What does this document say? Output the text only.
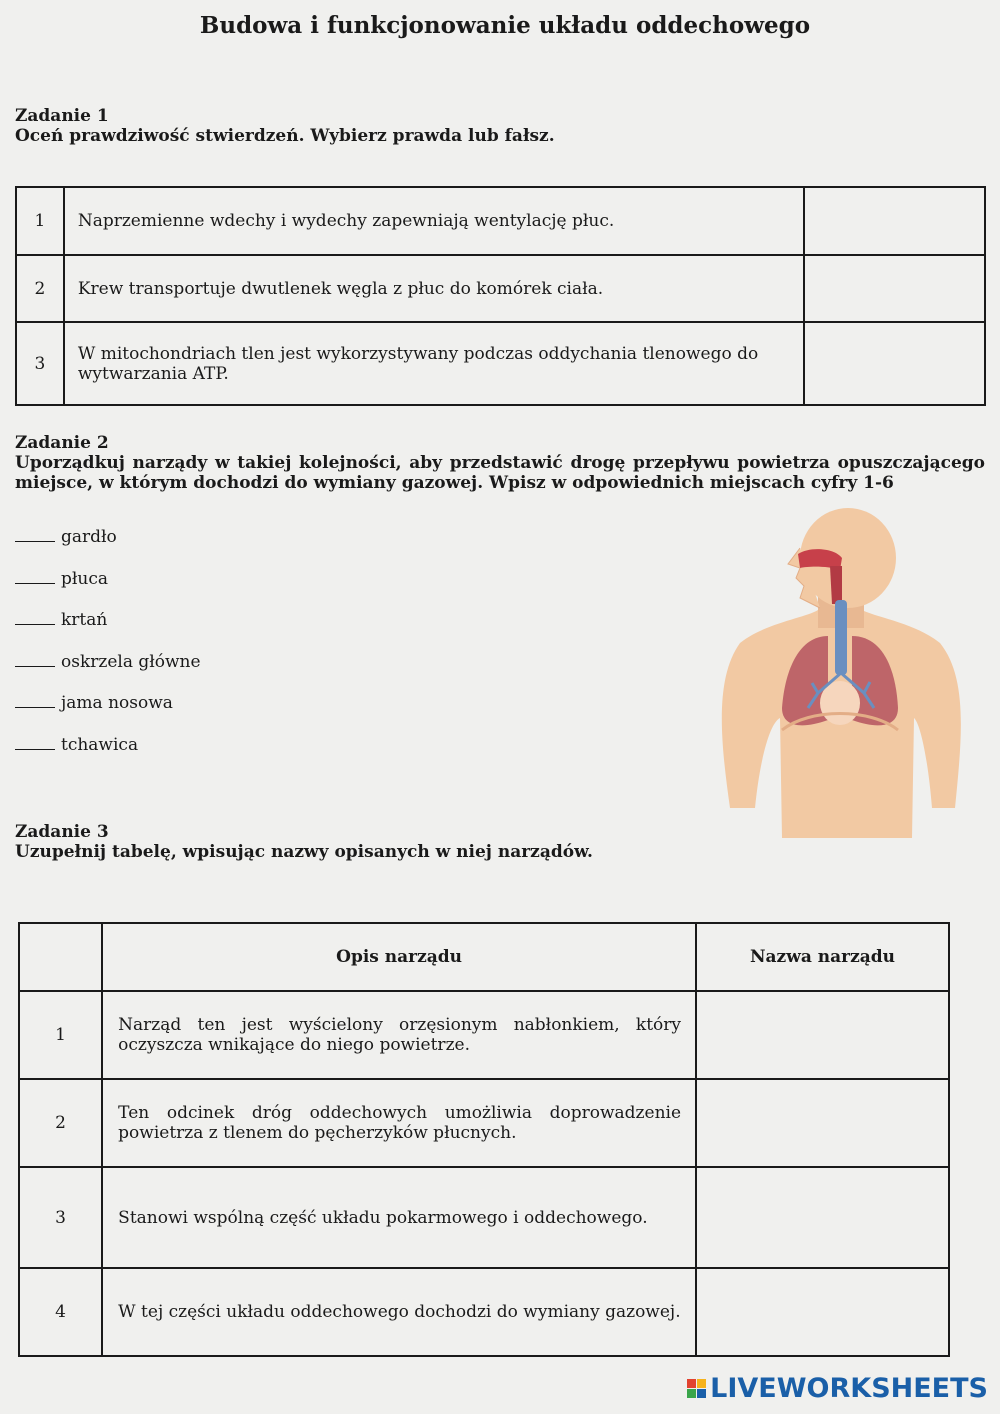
Budowa i funkcjonowanie układu oddechowego
Zadanie 1
Oceń prawdziwość stwierdzeń. Wybierz prawda lub fałsz.
1	Naprzemienne wdechy i wydechy zapewniają wentylację płuc.	
2	Krew transportuje dwutlenek węgla z płuc do komórek ciała.	
3	W mitochondriach tlen jest wykorzystywany podczas oddychania tlenowego do wytwarzania ATP.	
Zadanie 2
Uporządkuj narządy w takiej kolejności, aby przedstawić drogę przepływu powietrza opuszczającego miejsce, w którym dochodzi do wymiany gazowej. Wpisz w odpowiednich miejscach cyfry 1-6
gardło
płuca
krtań
oskrzela główne
jama nosowa
tchawica
Zadanie 3
Uzupełnij tabelę, wpisując nazwy opisanych w niej narządów.
	Opis narządu	Nazwa narządu
1	Narząd ten jest wyścielony orzęsionym nabłonkiem, który oczyszcza wnikające do niego powietrze.	
2	Ten odcinek dróg oddechowych umożliwia doprowadzenie powietrza z tlenem do pęcherzyków płucnych.	
3	Stanowi wspólną część układu pokarmowego i oddechowego.	
4	W tej części układu oddechowego dochodzi do wymiany gazowej.	
LIVEWORKSHEETS
